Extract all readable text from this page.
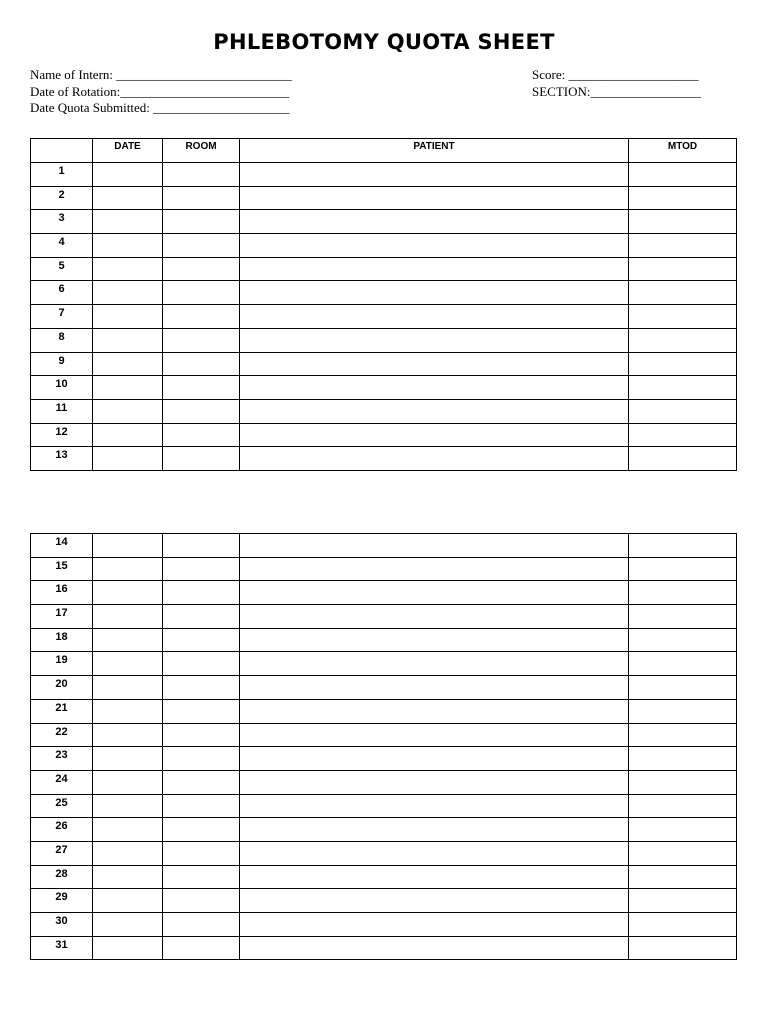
PHLEBOTOMY QUOTA SHEET
Name of Intern: ___________________________
Date of Rotation:__________________________
Date Quota Submitted: _____________________
Score: ____________________
SECTION:_________________
	DATE	ROOM	PATIENT	MTOD
1				
2				
3				
4				
5				
6				
7				
8				
9				
10				
11				
12				
13				
14				
15				
16				
17				
18				
19				
20				
21				
22				
23				
24				
25				
26				
27				
28				
29				
30				
31				
